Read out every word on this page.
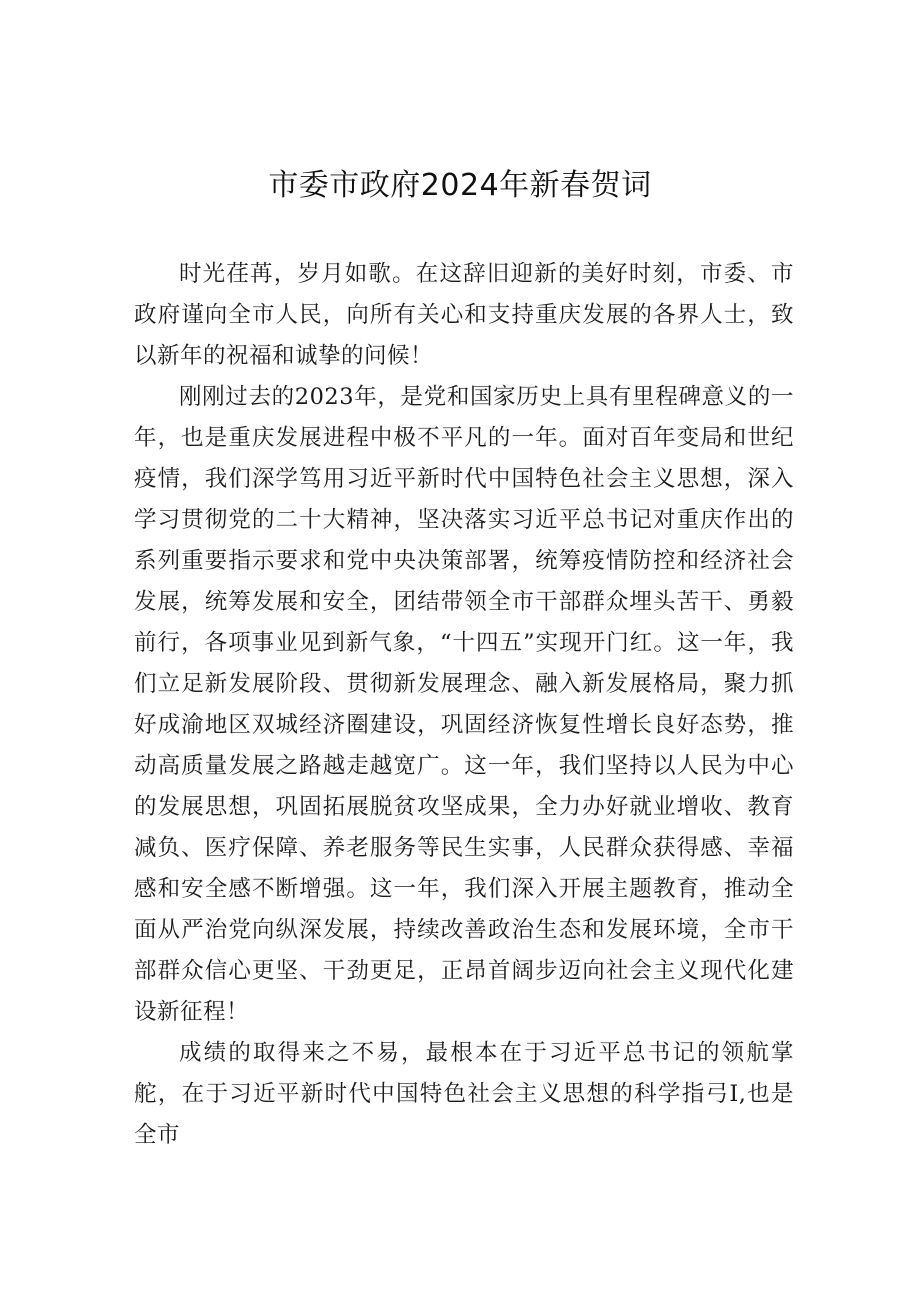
市委市政府2024年新春贺词

时光荏苒，岁月如歌。在这辞旧迎新的美好时刻，市委、市政府谨向全市人民，向所有关心和支持重庆发展的各界人士，致以新年的祝福和诚挚的问候！

刚刚过去的2023年，是党和国家历史上具有里程碑意义的一年，也是重庆发展进程中极不平凡的一年。面对百年变局和世纪疫情，我们深学笃用习近平新时代中国特色社会主义思想，深入学习贯彻党的二十大精神，坚决落实习近平总书记对重庆作出的系列重要指示要求和党中央决策部署，统筹疫情防控和经济社会发展，统筹发展和安全，团结带领全市干部群众埋头苦干、勇毅前行，各项事业见到新气象，“十四五”实现开门红。这一年，我们立足新发展阶段、贯彻新发展理念、融入新发展格局，聚力抓好成渝地区双城经济圈建设，巩固经济恢复性增长良好态势，推动高质量发展之路越走越宽广。这一年，我们坚持以人民为中心的发展思想，巩固拓展脱贫攻坚成果，全力办好就业增收、教育减负、医疗保障、养老服务等民生实事，人民群众获得感、幸福感和安全感不断增强。这一年，我们深入开展主题教育，推动全面从严治党向纵深发展，持续改善政治生态和发展环境，全市干部群众信心更坚、干劲更足，正昂首阔步迈向社会主义现代化建设新征程！

成绩的取得来之不易，最根本在于习近平总书记的领航掌舵，在于习近平新时代中国特色社会主义思想的科学指弓I,也是全市
